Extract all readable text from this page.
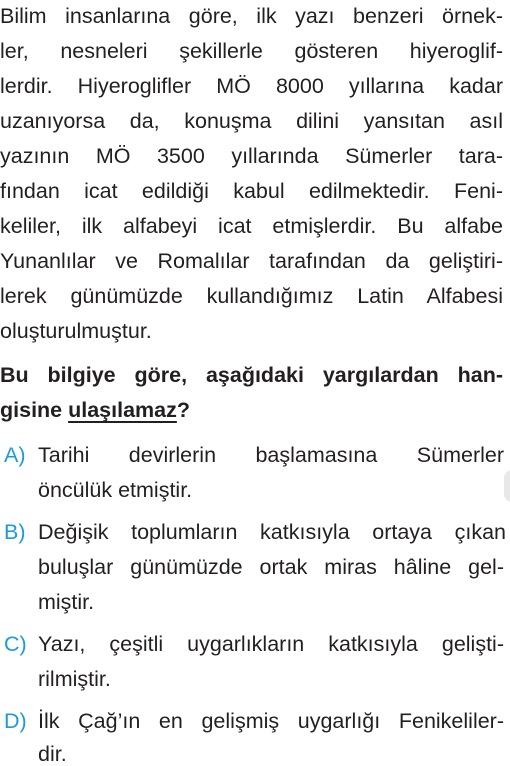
Bilim insanlarına göre, ilk yazı benzeri örnek-
ler, nesneleri şekillerle gösteren hiyeroglif-
lerdir. Hiyeroglifler MÖ 8000 yıllarına kadar
uzanıyorsa da, konuşma dilini yansıtan asıl
yazının MÖ 3500 yıllarında Sümerler tara-
fından icat edildiği kabul edilmektedir. Feni-
keliler, ilk alfabeyi icat etmişlerdir. Bu alfabe
Yunanlılar ve Romalılar tarafından da geliştiri-
lerek günümüzde kullandığımız Latin Alfabesi
oluşturulmuştur.
Bu bilgiye göre, aşağıdaki yargılardan han-
gisine ulaşılamaz?
A) Tarihi devirlerin başlamasına Sümerler
öncülük etmiştir.
B) Değişik toplumların katkısıyla ortaya çıkan
buluşlar günümüzde ortak miras hâline gel-
miştir.
C) Yazı, çeşitli uygarlıkların katkısıyla gelişti-
rilmiştir.
D) İlk Çağ’ın en gelişmiş uygarlığı Fenikeliler-
dir.
